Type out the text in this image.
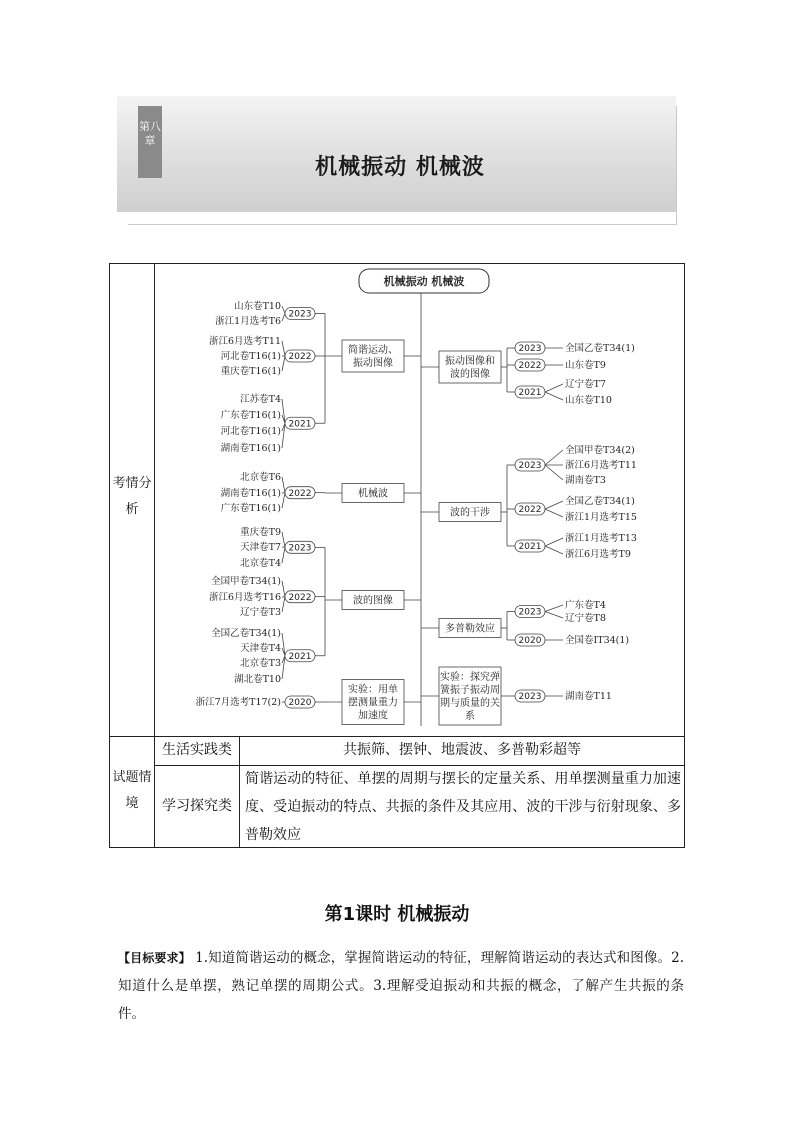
第八章
机械振动 机械波
考情分析
试题情境
生活实践类	共振筛、摆钟、地震波、多普勒彩超等
学习探究类
简谐运动的特征、单摆的周期与摆长的定量关系、用单摆测量重力加速度、受迫振动的特点、共振的条件及其应用、波的干涉与衍射现象、多普勒效应
机械振动 机械波
简谐运动、
振动图像
2023
山东卷T10
浙江1月选考T6
2022
浙江6月选考T11
河北卷T16(1)
重庆卷T16(1)
2021
江苏卷T4
广东卷T16(1)
河北卷T16(1)
湖南卷T16(1)
机械波
2022
北京卷T6
湖南卷T16(1)
广东卷T16(1)
波的图像
2023
重庆卷T9
天津卷T7
北京卷T4
2022
全国甲卷T34(1)
浙江6月选考T16
辽宁卷T3
2021
全国乙卷T34(1)
天津卷T4
北京卷T3
湖北卷T10
实验：用单
摆测量重力
加速度
2020
浙江7月选考T17(2)
振动图像和
波的图像
2023 全国乙卷T34(1)
2022 山东卷T9
2021
辽宁卷T7
山东卷T10
波的干涉
2023
全国甲卷T34(2)
浙江6月选考T11
湖南卷T3
2022
全国乙卷T34(1)
浙江1月选考T15
2021
浙江1月选考T13
浙江6月选考T9
多普勒效应
2023
广东卷T4
辽宁卷T8
2020 全国卷ⅠT34(1)
实验：探究弹
簧振子振动周
期与质量的关
系
2023 湖南卷T11
第1课时 机械振动
【目标要求】 1.知道简谐运动的概念，掌握简谐运动的特征，理解简谐运动的表达式和图像。2.知道什么是单摆，熟记单摆的周期公式。3.理解受迫振动和共振的概念，了解产生共振的条件。
